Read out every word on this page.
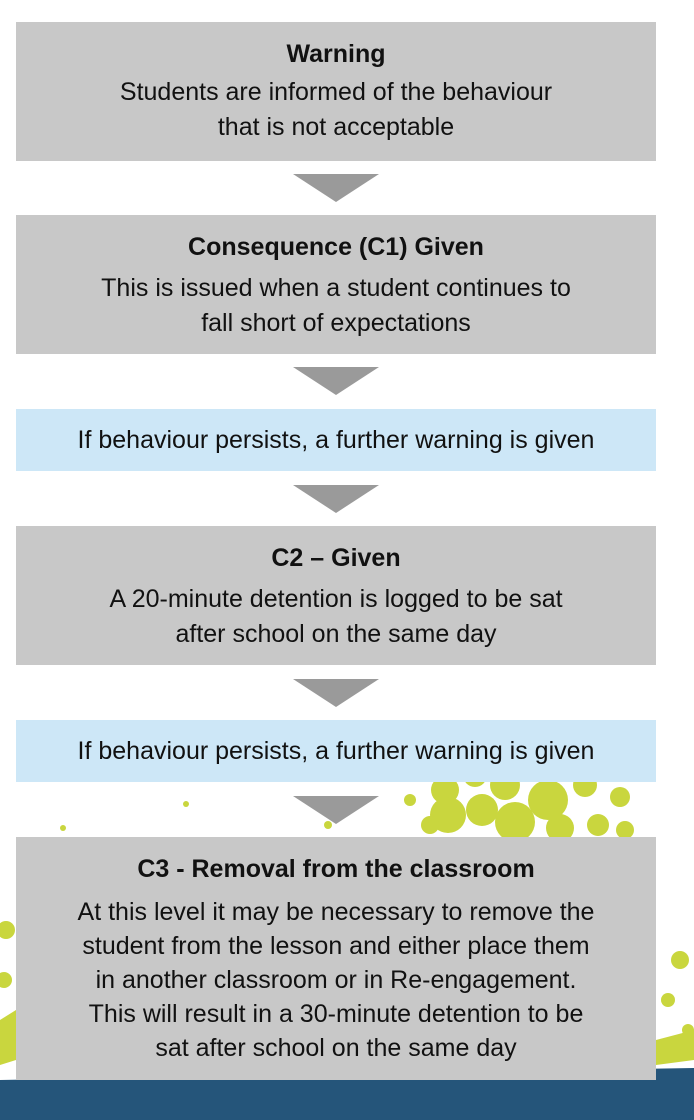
Warning
Students are informed of the behaviour
that is not acceptable
Consequence (C1) Given
This is issued when a student continues to
fall short of expectations
If behaviour persists, a further warning is given
C2 – Given
A 20-minute detention is logged to be sat
after school on the same day
If behaviour persists, a further warning is given
C3 - Removal from the classroom
At this level it may be necessary to remove the
student from the lesson and either place them
in another classroom or in Re-engagement.
This will result in a 30-minute detention to be
sat after school on the same day
